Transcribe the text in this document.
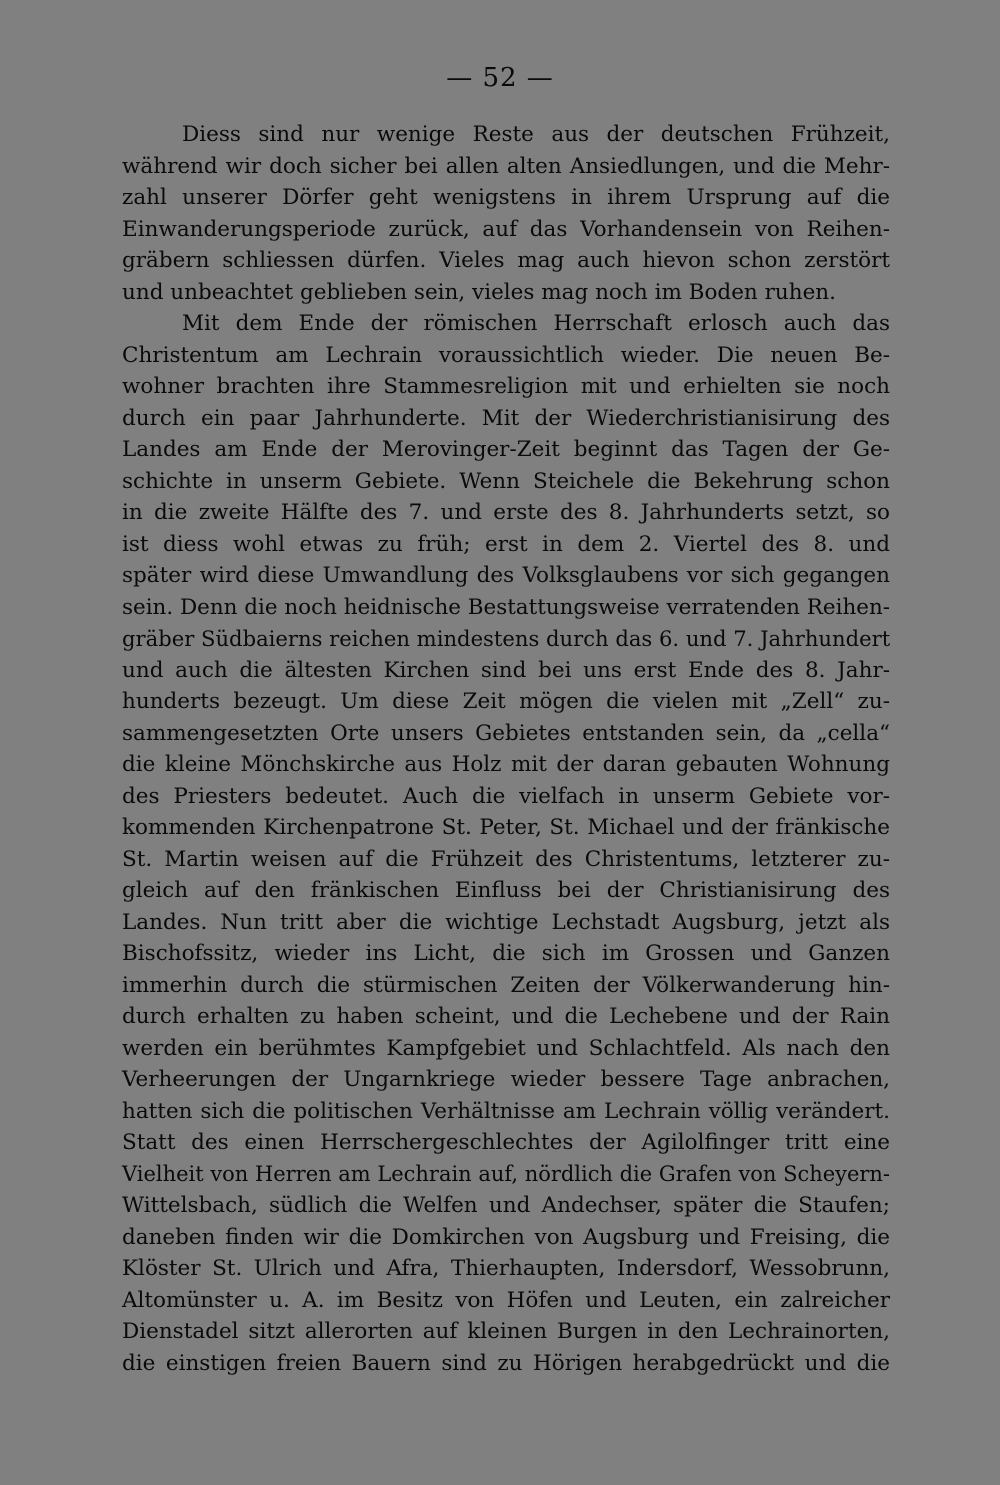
— 52 —
Diess sind nur wenige Reste aus der deutschen Frühzeit,
während wir doch sicher bei allen alten Ansiedlungen, und die Mehr-
zahl unserer Dörfer geht wenigstens in ihrem Ursprung auf die
Einwanderungsperiode zurück, auf das Vorhandensein von Reihen-
gräbern schliessen dürfen. Vieles mag auch hievon schon zerstört
und unbeachtet geblieben sein, vieles mag noch im Boden ruhen.
Mit dem Ende der römischen Herrschaft erlosch auch das
Christentum am Lechrain voraussichtlich wieder. Die neuen Be-
wohner brachten ihre Stammesreligion mit und erhielten sie noch
durch ein paar Jahrhunderte. Mit der Wiederchristianisirung des
Landes am Ende der Merovinger-Zeit beginnt das Tagen der Ge-
schichte in unserm Gebiete. Wenn Steichele die Bekehrung schon
in die zweite Hälfte des 7. und erste des 8. Jahrhunderts setzt, so
ist diess wohl etwas zu früh; erst in dem 2. Viertel des 8. und
später wird diese Umwandlung des Volksglaubens vor sich gegangen
sein. Denn die noch heidnische Bestattungsweise verratenden Reihen-
gräber Südbaierns reichen mindestens durch das 6. und 7. Jahrhundert
und auch die ältesten Kirchen sind bei uns erst Ende des 8. Jahr-
hunderts bezeugt. Um diese Zeit mögen die vielen mit „Zell“ zu-
sammengesetzten Orte unsers Gebietes entstanden sein, da „cella“
die kleine Mönchskirche aus Holz mit der daran gebauten Wohnung
des Priesters bedeutet. Auch die vielfach in unserm Gebiete vor-
kommenden Kirchenpatrone St. Peter, St. Michael und der fränkische
St. Martin weisen auf die Frühzeit des Christentums, letzterer zu-
gleich auf den fränkischen Einfluss bei der Christianisirung des
Landes. Nun tritt aber die wichtige Lechstadt Augsburg, jetzt als
Bischofssitz, wieder ins Licht, die sich im Grossen und Ganzen
immerhin durch die stürmischen Zeiten der Völkerwanderung hin-
durch erhalten zu haben scheint, und die Lechebene und der Rain
werden ein berühmtes Kampfgebiet und Schlachtfeld. Als nach den
Verheerungen der Ungarnkriege wieder bessere Tage anbrachen,
hatten sich die politischen Verhältnisse am Lechrain völlig verändert.
Statt des einen Herrschergeschlechtes der Agilolfinger tritt eine
Vielheit von Herren am Lechrain auf, nördlich die Grafen von Scheyern-
Wittelsbach, südlich die Welfen und Andechser, später die Staufen;
daneben finden wir die Domkirchen von Augsburg und Freising, die
Klöster St. Ulrich und Afra, Thierhaupten, Indersdorf, Wessobrunn,
Altomünster u. A. im Besitz von Höfen und Leuten, ein zalreicher
Dienstadel sitzt allerorten auf kleinen Burgen in den Lechrainorten,
die einstigen freien Bauern sind zu Hörigen herabgedrückt und die
